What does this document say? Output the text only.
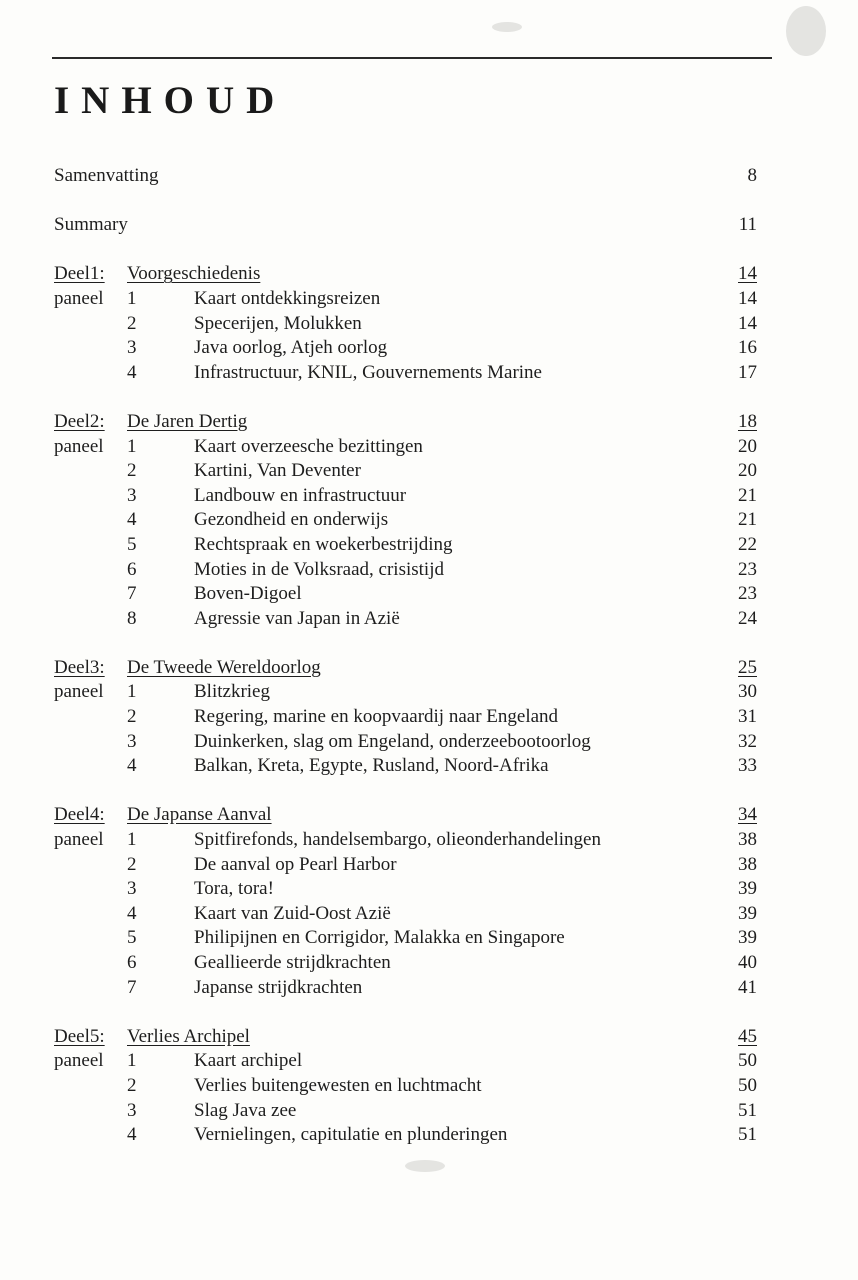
INHOUD
Samenvatting	8
Summary	11
Deel1: Voorgeschiedenis	14
paneel 1	Kaart ontdekkingsreizen	14
2	Specerijen, Molukken	14
3	Java oorlog, Atjeh oorlog	16
4	Infrastructuur, KNIL, Gouvernements Marine	17
Deel2: De Jaren Dertig	18
paneel 1	Kaart overzeesche bezittingen	20
2	Kartini, Van Deventer	20
3	Landbouw en infrastructuur	21
4	Gezondheid en onderwijs	21
5	Rechtspraak en woekerbestrijding	22
6	Moties in de Volksraad, crisistijd	23
7	Boven-Digoel	23
8	Agressie van Japan in Azië	24
Deel3: De Tweede Wereldoorlog	25
paneel 1	Blitzkrieg	30
2	Regering, marine en koopvaardij naar Engeland	31
3	Duinkerken, slag om Engeland, onderzeebootoorlog	32
4	Balkan, Kreta, Egypte, Rusland, Noord-Afrika	33
Deel4: De Japanse Aanval	34
paneel 1	Spitfirefonds, handelsembargo, olieonderhandelingen	38
2	De aanval op Pearl Harbor	38
3	Tora, tora!	39
4	Kaart van Zuid-Oost Azië	39
5	Philipijnen en Corrigidor, Malakka en Singapore	39
6	Geallieerde strijdkrachten	40
7	Japanse strijdkrachten	41
Deel5: Verlies Archipel	45
paneel 1	Kaart archipel	50
2	Verlies buitengewesten en luchtmacht	50
3	Slag Java zee	51
4	Vernielingen, capitulatie en plunderingen	51
